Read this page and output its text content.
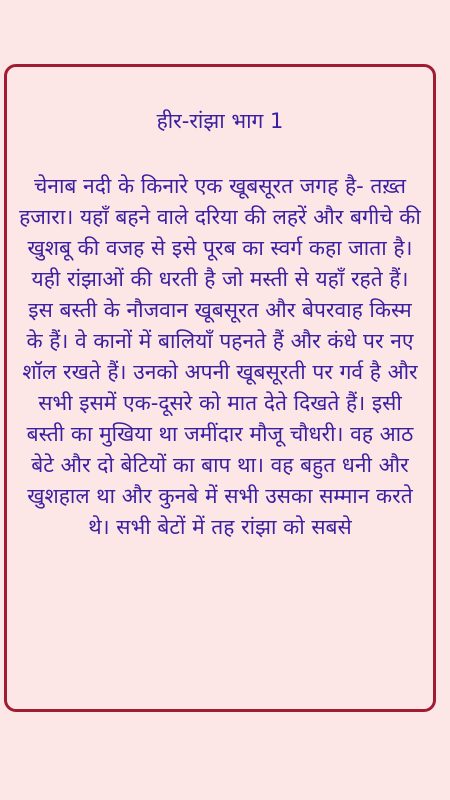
हीर-रांझा भाग 1
चेनाब नदी के किनारे एक खूबसूरत जगह है- तख़्त हजारा। यहाँ बहने वाले दरिया की लहरें और बगीचे की खुशबू की वजह से इसे पूरब का स्वर्ग कहा जाता है। यही रांझाओं की धरती है जो मस्ती से यहाँ रहते हैं। इस बस्ती के नौजवान खूबसूरत और बेपरवाह किस्म के हैं। वे कानों में बालियाँ पहनते हैं और कंधे पर नए शॉल रखते हैं। उनको अपनी खूबसूरती पर गर्व है और सभी इसमें एक-दूसरे को मात देते दिखते हैं। इसी बस्ती का मुखिया था जमींदार मौजू चौधरी। वह आठ बेटे और दो बेटियों का बाप था। वह बहुत धनी और खुशहाल था और कुनबे में सभी उसका सम्मान करते थे। सभी बेटों में तह रांझा को सबसे
